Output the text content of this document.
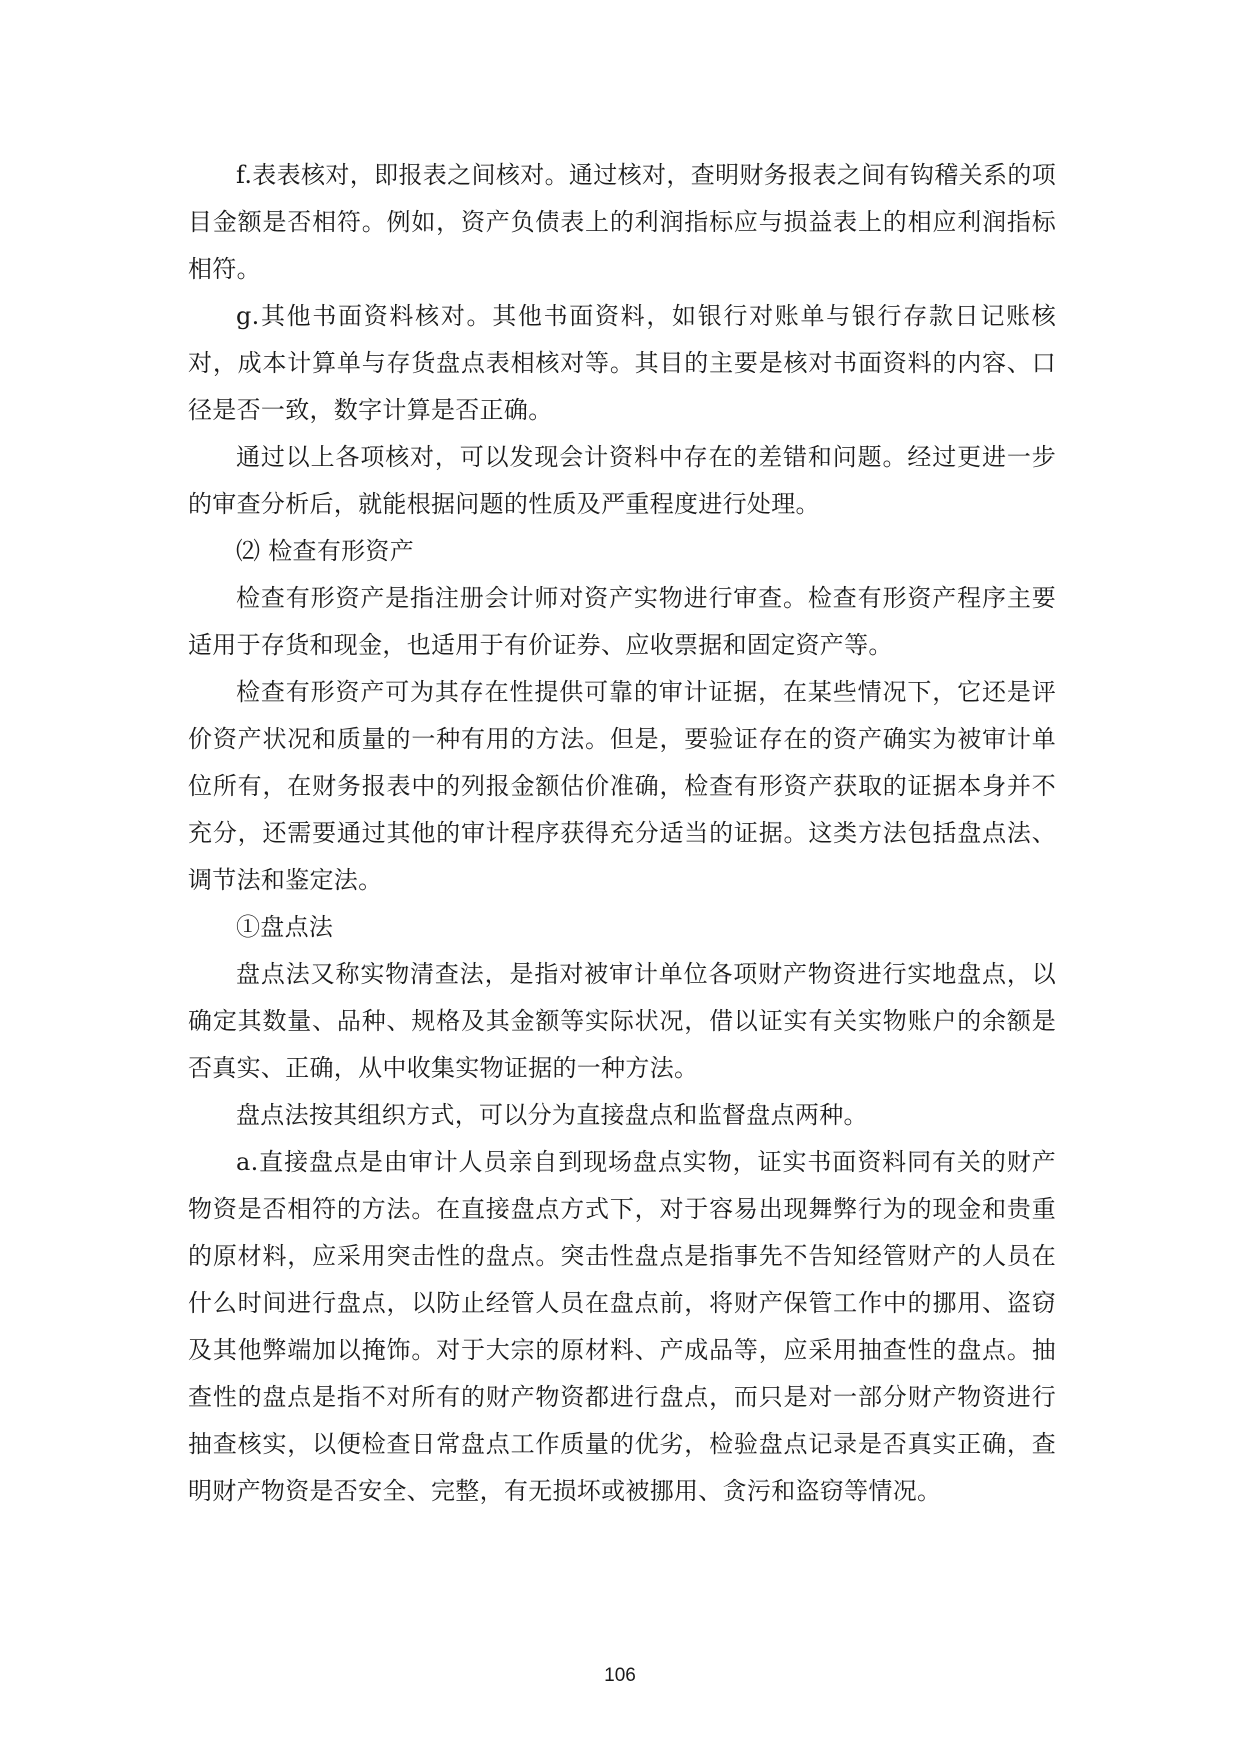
f.表表核对，即报表之间核对。通过核对，查明财务报表之间有钩稽关系的项目金额是否相符。例如，资产负债表上的利润指标应与损益表上的相应利润指标相符。

g.其他书面资料核对。其他书面资料，如银行对账单与银行存款日记账核对，成本计算单与存货盘点表相核对等。其目的主要是核对书面资料的内容、口径是否一致，数字计算是否正确。

通过以上各项核对，可以发现会计资料中存在的差错和问题。经过更进一步的审查分析后，就能根据问题的性质及严重程度进行处理。

⑵ 检查有形资产

检查有形资产是指注册会计师对资产实物进行审查。检查有形资产程序主要适用于存货和现金，也适用于有价证券、应收票据和固定资产等。

检查有形资产可为其存在性提供可靠的审计证据，在某些情况下，它还是评价资产状况和质量的一种有用的方法。但是，要验证存在的资产确实为被审计单位所有，在财务报表中的列报金额估价准确，检查有形资产获取的证据本身并不充分，还需要通过其他的审计程序获得充分适当的证据。这类方法包括盘点法、调节法和鉴定法。

①盘点法

盘点法又称实物清查法，是指对被审计单位各项财产物资进行实地盘点，以确定其数量、品种、规格及其金额等实际状况，借以证实有关实物账户的余额是否真实、正确，从中收集实物证据的一种方法。

盘点法按其组织方式，可以分为直接盘点和监督盘点两种。

a.直接盘点是由审计人员亲自到现场盘点实物，证实书面资料同有关的财产物资是否相符的方法。在直接盘点方式下，对于容易出现舞弊行为的现金和贵重的原材料，应采用突击性的盘点。突击性盘点是指事先不告知经管财产的人员在什么时间进行盘点，以防止经管人员在盘点前，将财产保管工作中的挪用、盗窃及其他弊端加以掩饰。对于大宗的原材料、产成品等，应采用抽查性的盘点。抽查性的盘点是指不对所有的财产物资都进行盘点，而只是对一部分财产物资进行抽查核实，以便检查日常盘点工作质量的优劣，检验盘点记录是否真实正确，查明财产物资是否安全、完整，有无损坏或被挪用、贪污和盗窃等情况。

106
